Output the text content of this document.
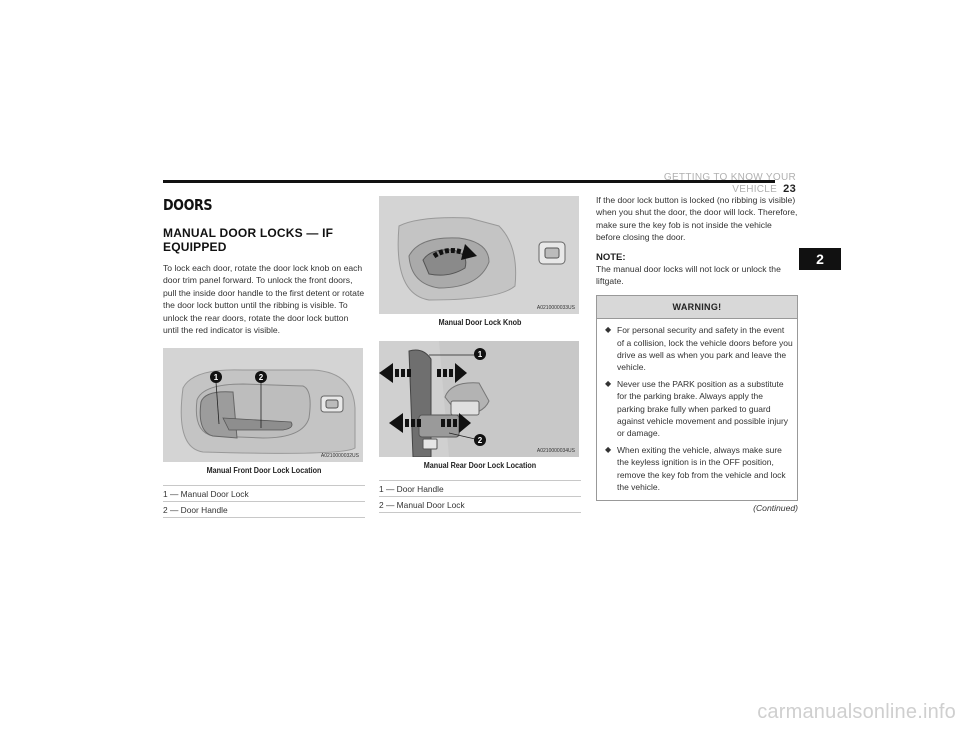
GETTING TO KNOW YOUR VEHICLE 23
2
DOORS
MANUAL DOOR LOCKS — IF EQUIPPED

To lock each door, rotate the door lock knob on each door trim panel forward. To unlock the front doors, pull the inside door handle to the first detent or rotate the door lock button until the ribbing is visible. To unlock the rear doors, rotate the door lock button until the red indicator is visible.

1	2
A0210000032US
Manual Front Door Lock Location
1 — Manual Door Lock
2 — Door Handle
A0210000033US
Manual Door Lock Knob
1
2
A0210000034US
Manual Rear Door Lock Location
1 — Door Handle
2 — Manual Door Lock

If the door lock button is locked (no ribbing is visible) when you shut the door, the door will lock. Therefore, make sure the key fob is not inside the vehicle before closing the door.

NOTE:

The manual door locks will not lock or unlock the liftgate.

WARNING!
◆ For personal security and safety in the event of a collision, lock the vehicle doors before you drive as well as when you park and leave the vehicle.
◆ Never use the PARK position as a substitute for the parking brake. Always apply the parking brake fully when parked to guard against vehicle movement and possible injury or damage.
◆ When exiting the vehicle, always make sure the keyless ignition is in the OFF position, remove the key fob from the vehicle and lock the vehicle.
(Continued)
carmanualsonline.info
